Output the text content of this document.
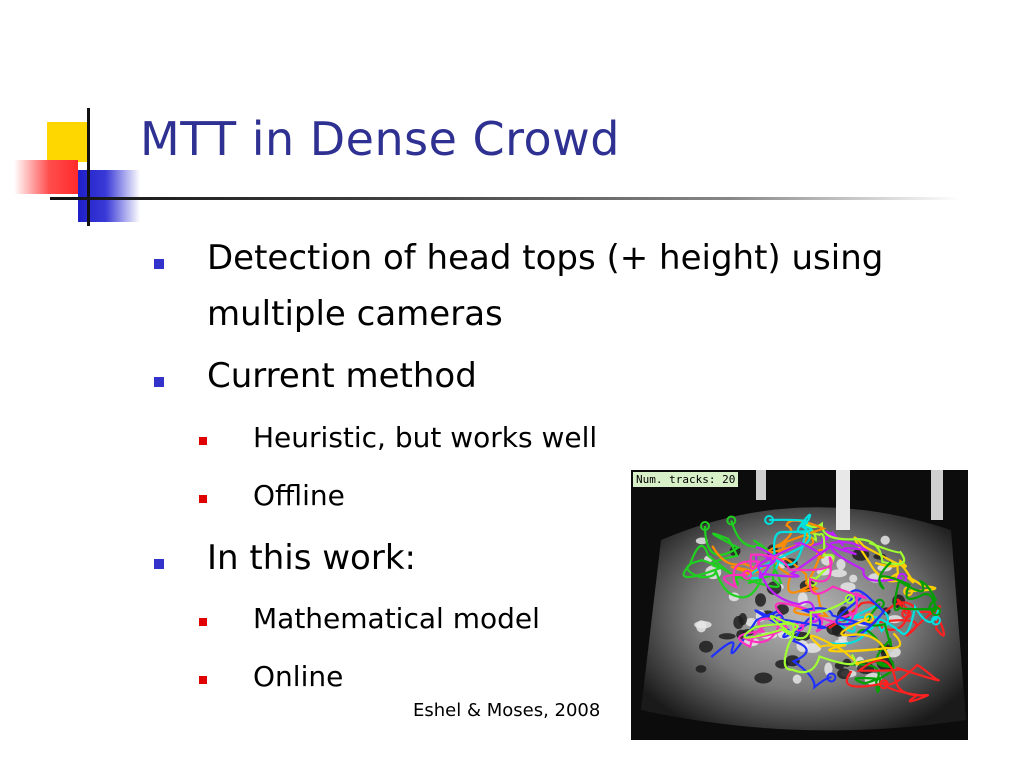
MTT in Dense Crowd
Detection of head tops (+ height) using
multiple cameras
Current method
Heuristic, but works well
Offline
In this work:
Mathematical model
Online
Eshel & Moses, 2008
Num. tracks: 20
